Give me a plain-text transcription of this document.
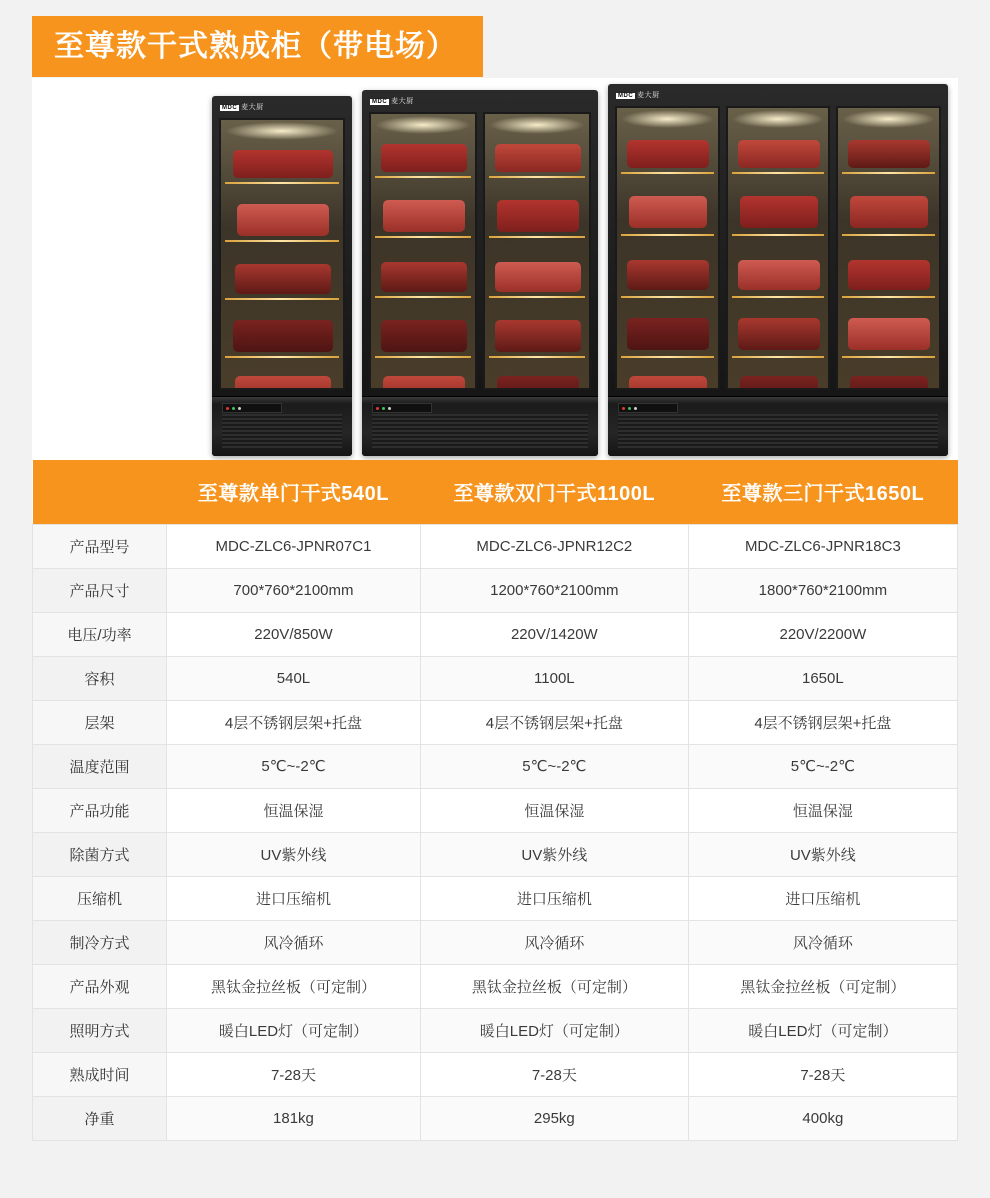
至尊款干式熟成柜（带电场）
MDC 麦大厨
MDC 麦大厨
MDC 麦大厨
	至尊款单门干式540L	至尊款双门干式1100L	至尊款三门干式1650L
产品型号	MDC-ZLC6-JPNR07C1	MDC-ZLC6-JPNR12C2	MDC-ZLC6-JPNR18C3
产品尺寸	700*760*2100mm	1200*760*2100mm	1800*760*2100mm
电压/功率	220V/850W	220V/1420W	220V/2200W
容积	540L	1100L	1650L
层架	4层不锈钢层架+托盘	4层不锈钢层架+托盘	4层不锈钢层架+托盘
温度范围	5℃~-2℃	5℃~-2℃	5℃~-2℃
产品功能	恒温保湿	恒温保湿	恒温保湿
除菌方式	UV紫外线	UV紫外线	UV紫外线
压缩机	进口压缩机	进口压缩机	进口压缩机
制冷方式	风冷循环	风冷循环	风冷循环
产品外观	黑钛金拉丝板（可定制）	黑钛金拉丝板（可定制）	黑钛金拉丝板（可定制）
照明方式	暖白LED灯（可定制）	暖白LED灯（可定制）	暖白LED灯（可定制）
熟成时间	7-28天	7-28天	7-28天
净重	181kg	295kg	400kg
